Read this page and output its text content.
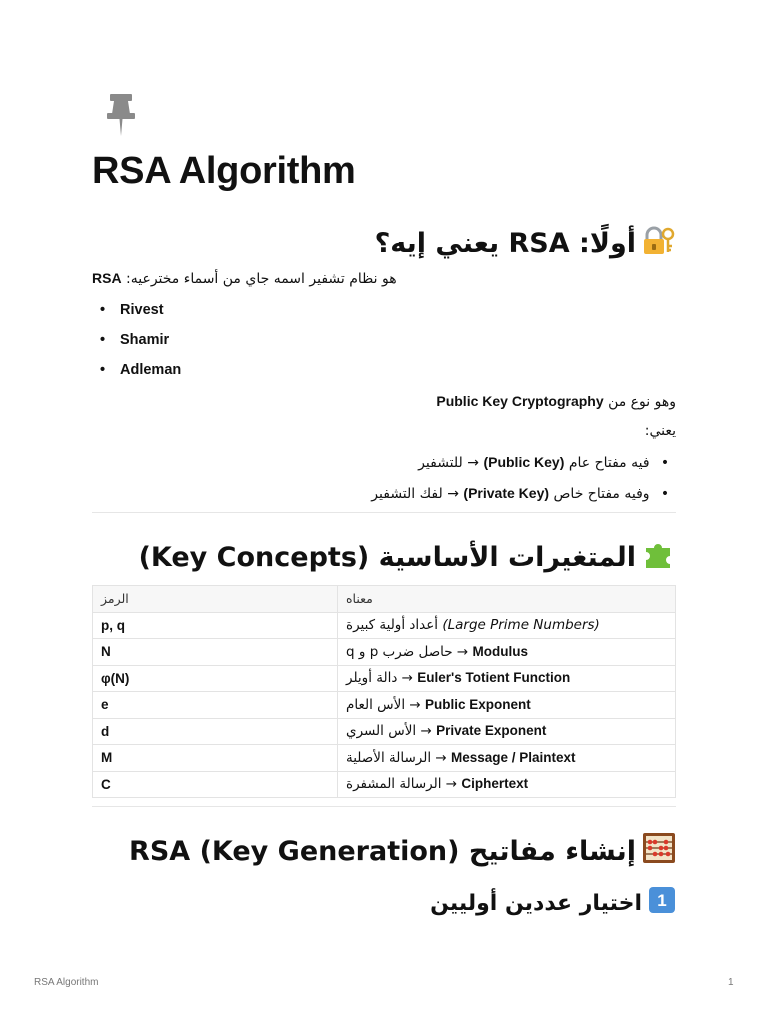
RSA Algorithm
أولًا: RSA يعني إيه؟
RSA هو نظام تشفير اسمه جاي من أسماء مخترعيه:
• Rivest
• Shamir
• Adleman
وهو نوع من Public Key Cryptography
يعني:
• فيه مفتاح عام (Public Key) → للتشفير
• وفيه مفتاح خاص (Private Key) → لفك التشفير
المتغيرات الأساسية (Key Concepts)
الرمز	معناه
p, q	أعداد أولية كبيرة (Large Prime Numbers)
N	حاصل ضرب p و q → Modulus
φ(N)	دالة أويلر → Euler's Totient Function
e	الأس العام → Public Exponent
d	الأس السري → Private Exponent
M	الرسالة الأصلية → Message / Plaintext
C	الرسالة المشفرة → Ciphertext
إنشاء مفاتيح RSA (Key Generation)
1
اختيار عددين أوليين
RSA Algorithm	1
